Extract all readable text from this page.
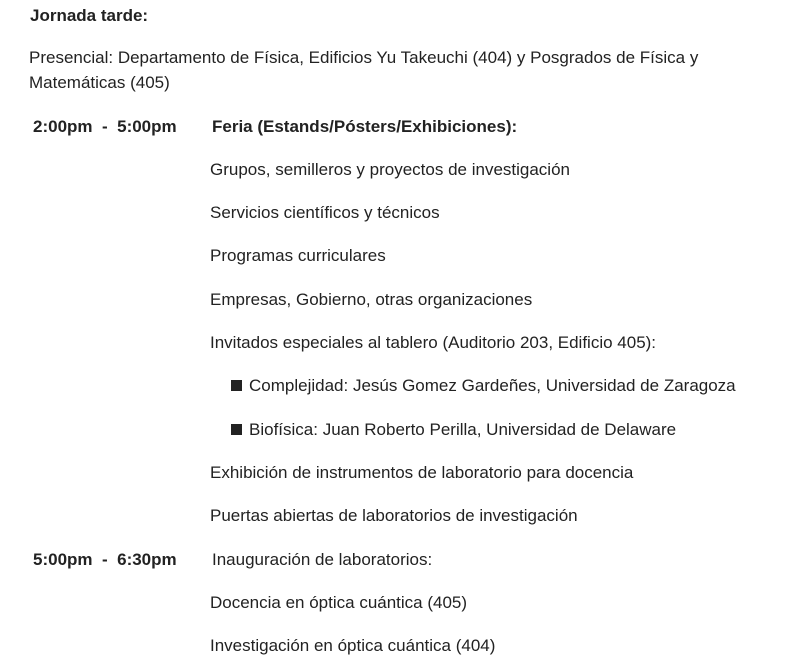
Jornada tarde:
Presencial: Departamento de Física, Edificios Yu Takeuchi (404) y Posgrados de Física y
Matemáticas (405)
2:00pm - 5:00pm Feria (Estands/Pósters/Exhibiciones):
Grupos, semilleros y proyectos de investigación
Servicios científicos y técnicos
Programas curriculares
Empresas, Gobierno, otras organizaciones
Invitados especiales al tablero (Auditorio 203, Edificio 405):
Complejidad: Jesús Gomez Gardeñes, Universidad de Zaragoza
Biofísica: Juan Roberto Perilla, Universidad de Delaware
Exhibición de instrumentos de laboratorio para docencia
Puertas abiertas de laboratorios de investigación
5:00pm - 6:30pm Inauguración de laboratorios:
Docencia en óptica cuántica (405)
Investigación en óptica cuántica (404)
